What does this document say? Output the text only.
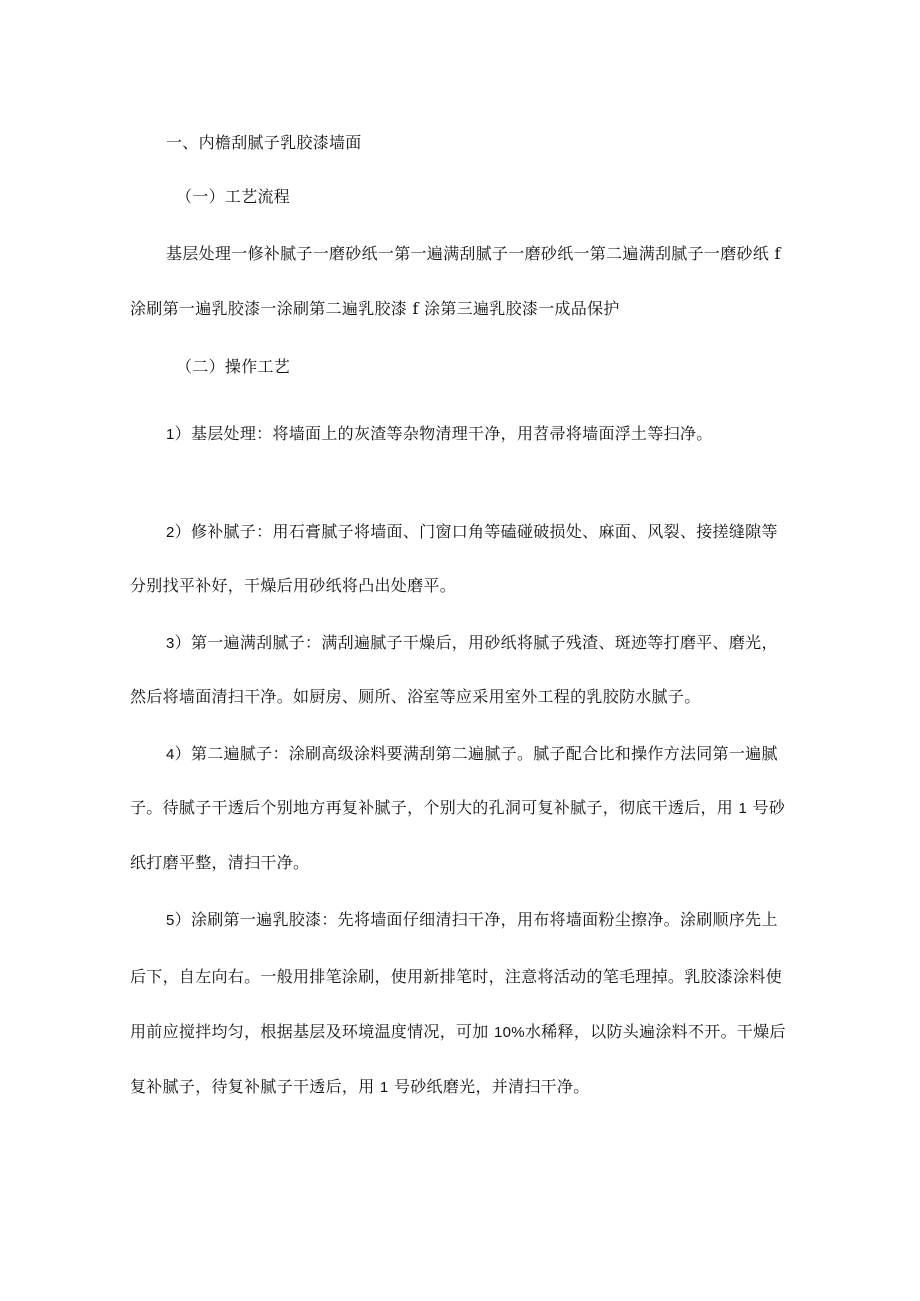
一、内檐刮腻子乳胶漆墙面
（一）工艺流程
基层处理一修补腻子一磨砂纸一第一遍满刮腻子一磨砂纸一第二遍满刮腻子一磨砂纸 f
涂刷第一遍乳胶漆一涂刷第二遍乳胶漆 f 涂第三遍乳胶漆一成品保护
（二）操作工艺
1）基层处理：将墙面上的灰渣等杂物清理干净，用苕帚将墙面浮土等扫净。
2）修补腻子：用石膏腻子将墙面、门窗口角等磕碰破损处、麻面、风裂、接搓缝隙等
分别找平补好，干燥后用砂纸将凸出处磨平。
3）第一遍满刮腻子：满刮遍腻子干燥后，用砂纸将腻子残渣、斑迹等打磨平、磨光，
然后将墙面清扫干净。如厨房、厕所、浴室等应采用室外工程的乳胶防水腻子。
4）第二遍腻子：涂刷高级涂料要满刮第二遍腻子。腻子配合比和操作方法同第一遍腻
子。待腻子干透后个别地方再复补腻子，个别大的孔洞可复补腻子，彻底干透后，用 1 号砂
纸打磨平整，清扫干净。
5）涂刷第一遍乳胶漆：先将墙面仔细清扫干净，用布将墙面粉尘擦净。涂刷顺序先上
后下，自左向右。一般用排笔涂刷，使用新排笔时，注意将活动的笔毛理掉。乳胶漆涂料使
用前应搅拌均匀，根据基层及环境温度情况，可加 10%水稀释，以防头遍涂料不开。干燥后
复补腻子，待复补腻子干透后，用 1 号砂纸磨光，并清扫干净。
